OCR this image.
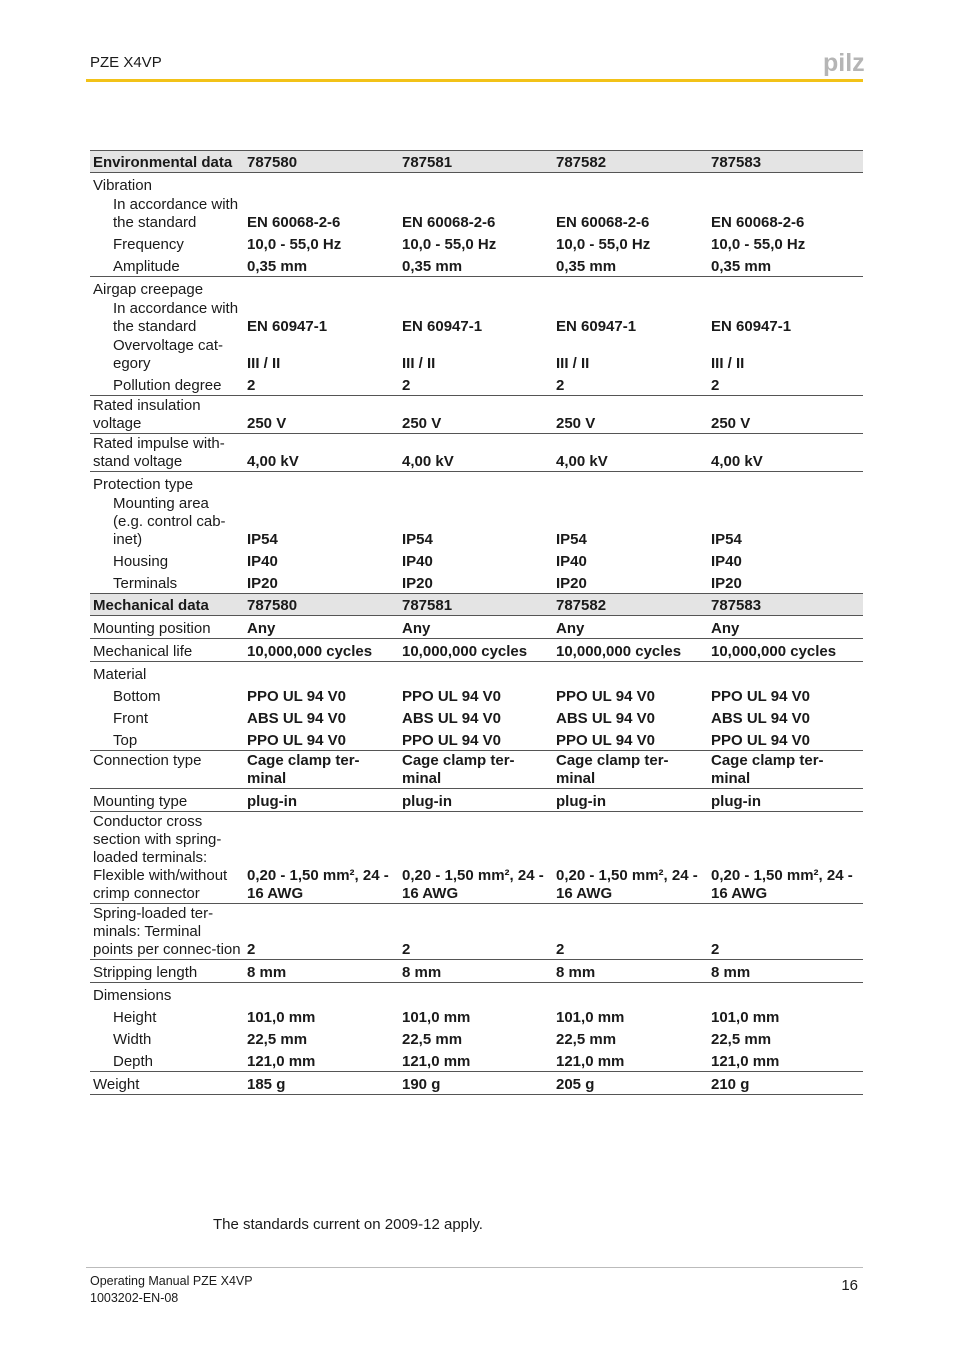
PZE X4VP	pilz
Environmental data	787580	787581	787582	787583
Vibration				
In accordance with the standard	EN 60068-2-6	EN 60068-2-6	EN 60068-2-6	EN 60068-2-6
Frequency	10,0 - 55,0 Hz	10,0 - 55,0 Hz	10,0 - 55,0 Hz	10,0 - 55,0 Hz
Amplitude	0,35 mm	0,35 mm	0,35 mm	0,35 mm
Airgap creepage				
In accordance with the standard	EN 60947-1	EN 60947-1	EN 60947-1	EN 60947-1
Overvoltage cat-egory	III / II	III / II	III / II	III / II
Pollution degree	2	2	2	2
Rated insulation voltage	250 V	250 V	250 V	250 V
Rated impulse with-stand voltage	4,00 kV	4,00 kV	4,00 kV	4,00 kV
Protection type				
Mounting area (e.g. control cab-inet)	IP54	IP54	IP54	IP54
Housing	IP40	IP40	IP40	IP40
Terminals	IP20	IP20	IP20	IP20
Mechanical data	787580	787581	787582	787583
Mounting position	Any	Any	Any	Any
Mechanical life	10,000,000 cycles	10,000,000 cycles	10,000,000 cycles	10,000,000 cycles
Material				
Bottom	PPO UL 94 V0	PPO UL 94 V0	PPO UL 94 V0	PPO UL 94 V0
Front	ABS UL 94 V0	ABS UL 94 V0	ABS UL 94 V0	ABS UL 94 V0
Top	PPO UL 94 V0	PPO UL 94 V0	PPO UL 94 V0	PPO UL 94 V0
Connection type	Cage clamp ter-minal	Cage clamp ter-minal	Cage clamp ter-minal	Cage clamp ter-minal
Mounting type	plug-in	plug-in	plug-in	plug-in
Conductor cross section with spring-loaded terminals: Flexible with/without crimp connector	0,20 - 1,50 mm², 24 - 16 AWG	0,20 - 1,50 mm², 24 - 16 AWG	0,20 - 1,50 mm², 24 - 16 AWG	0,20 - 1,50 mm², 24 - 16 AWG
Spring-loaded ter-minals: Terminal points per connec-tion	2	2	2	2
Stripping length	8 mm	8 mm	8 mm	8 mm
Dimensions				
Height	101,0 mm	101,0 mm	101,0 mm	101,0 mm
Width	22,5 mm	22,5 mm	22,5 mm	22,5 mm
Depth	121,0 mm	121,0 mm	121,0 mm	121,0 mm
Weight	185 g	190 g	205 g	210 g
The standards current on 2009-12 apply.
Operating Manual PZE X4VP
1003202-EN-08
16
